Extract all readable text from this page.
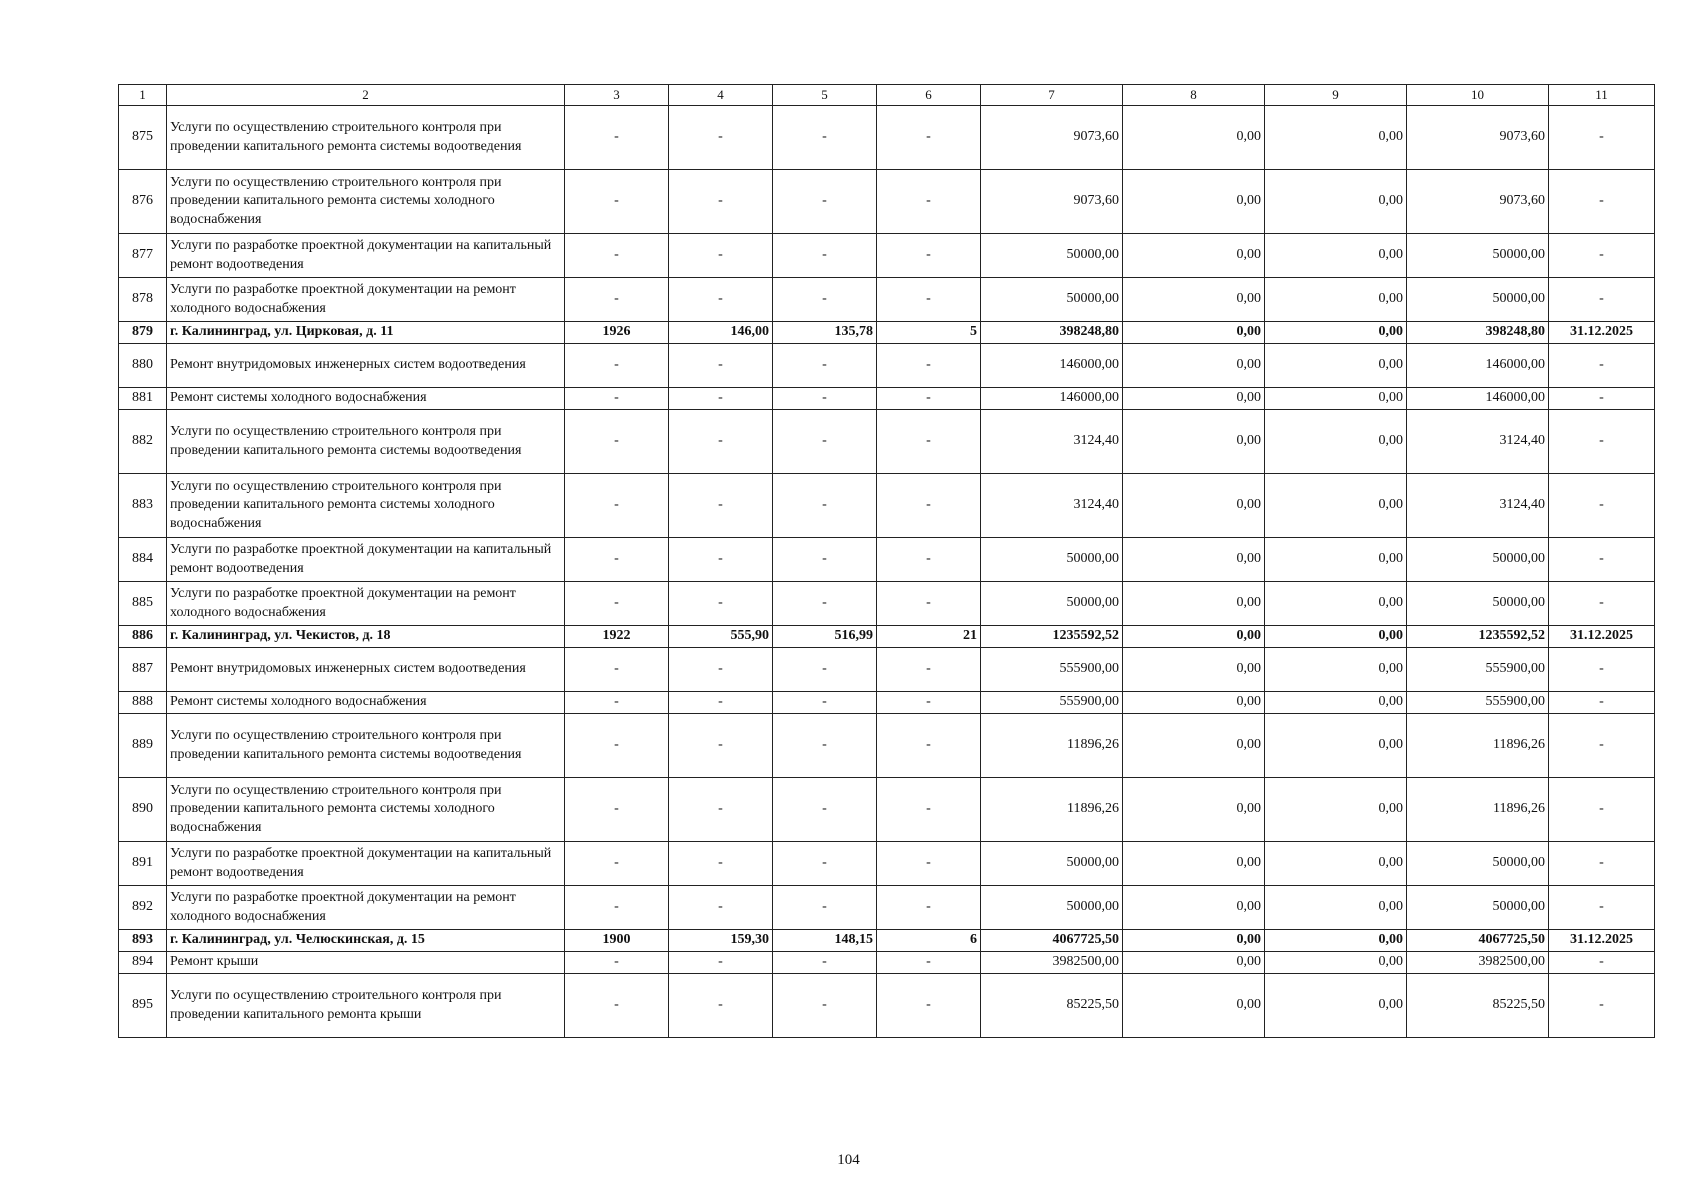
1	2	3	4	5	6	7	8	9	10	11
875	Услуги по осуществлению строительного контроля при проведении капитального ремонта системы водоотведения	-	-	-	-	9073,60	0,00	0,00	9073,60	-
876	Услуги по осуществлению строительного контроля при проведении капитального ремонта системы холодного водоснабжения	-	-	-	-	9073,60	0,00	0,00	9073,60	-
877	Услуги по разработке проектной документации на капитальный ремонт водоотведения	-	-	-	-	50000,00	0,00	0,00	50000,00	-
878	Услуги по разработке проектной документации на ремонт холодного водоснабжения	-	-	-	-	50000,00	0,00	0,00	50000,00	-
879	г. Калининград, ул. Цирковая, д. 11	1926	146,00	135,78	5	398248,80	0,00	0,00	398248,80	31.12.2025
880	Ремонт внутридомовых инженерных систем водоотведения	-	-	-	-	146000,00	0,00	0,00	146000,00	-
881	Ремонт системы холодного водоснабжения	-	-	-	-	146000,00	0,00	0,00	146000,00	-
882	Услуги по осуществлению строительного контроля при проведении капитального ремонта системы водоотведения	-	-	-	-	3124,40	0,00	0,00	3124,40	-
883	Услуги по осуществлению строительного контроля при проведении капитального ремонта системы холодного водоснабжения	-	-	-	-	3124,40	0,00	0,00	3124,40	-
884	Услуги по разработке проектной документации на капитальный ремонт водоотведения	-	-	-	-	50000,00	0,00	0,00	50000,00	-
885	Услуги по разработке проектной документации на ремонт холодного водоснабжения	-	-	-	-	50000,00	0,00	0,00	50000,00	-
886	г. Калининград, ул. Чекистов, д. 18	1922	555,90	516,99	21	1235592,52	0,00	0,00	1235592,52	31.12.2025
887	Ремонт внутридомовых инженерных систем водоотведения	-	-	-	-	555900,00	0,00	0,00	555900,00	-
888	Ремонт системы холодного водоснабжения	-	-	-	-	555900,00	0,00	0,00	555900,00	-
889	Услуги по осуществлению строительного контроля при проведении капитального ремонта системы водоотведения	-	-	-	-	11896,26	0,00	0,00	11896,26	-
890	Услуги по осуществлению строительного контроля при проведении капитального ремонта системы холодного водоснабжения	-	-	-	-	11896,26	0,00	0,00	11896,26	-
891	Услуги по разработке проектной документации на капитальный ремонт водоотведения	-	-	-	-	50000,00	0,00	0,00	50000,00	-
892	Услуги по разработке проектной документации на ремонт холодного водоснабжения	-	-	-	-	50000,00	0,00	0,00	50000,00	-
893	г. Калининград, ул. Челюскинская, д. 15	1900	159,30	148,15	6	4067725,50	0,00	0,00	4067725,50	31.12.2025
894	Ремонт крыши	-	-	-	-	3982500,00	0,00	0,00	3982500,00	-
895	Услуги по осуществлению строительного контроля при проведении капитального ремонта крыши	-	-	-	-	85225,50	0,00	0,00	85225,50	-
104
